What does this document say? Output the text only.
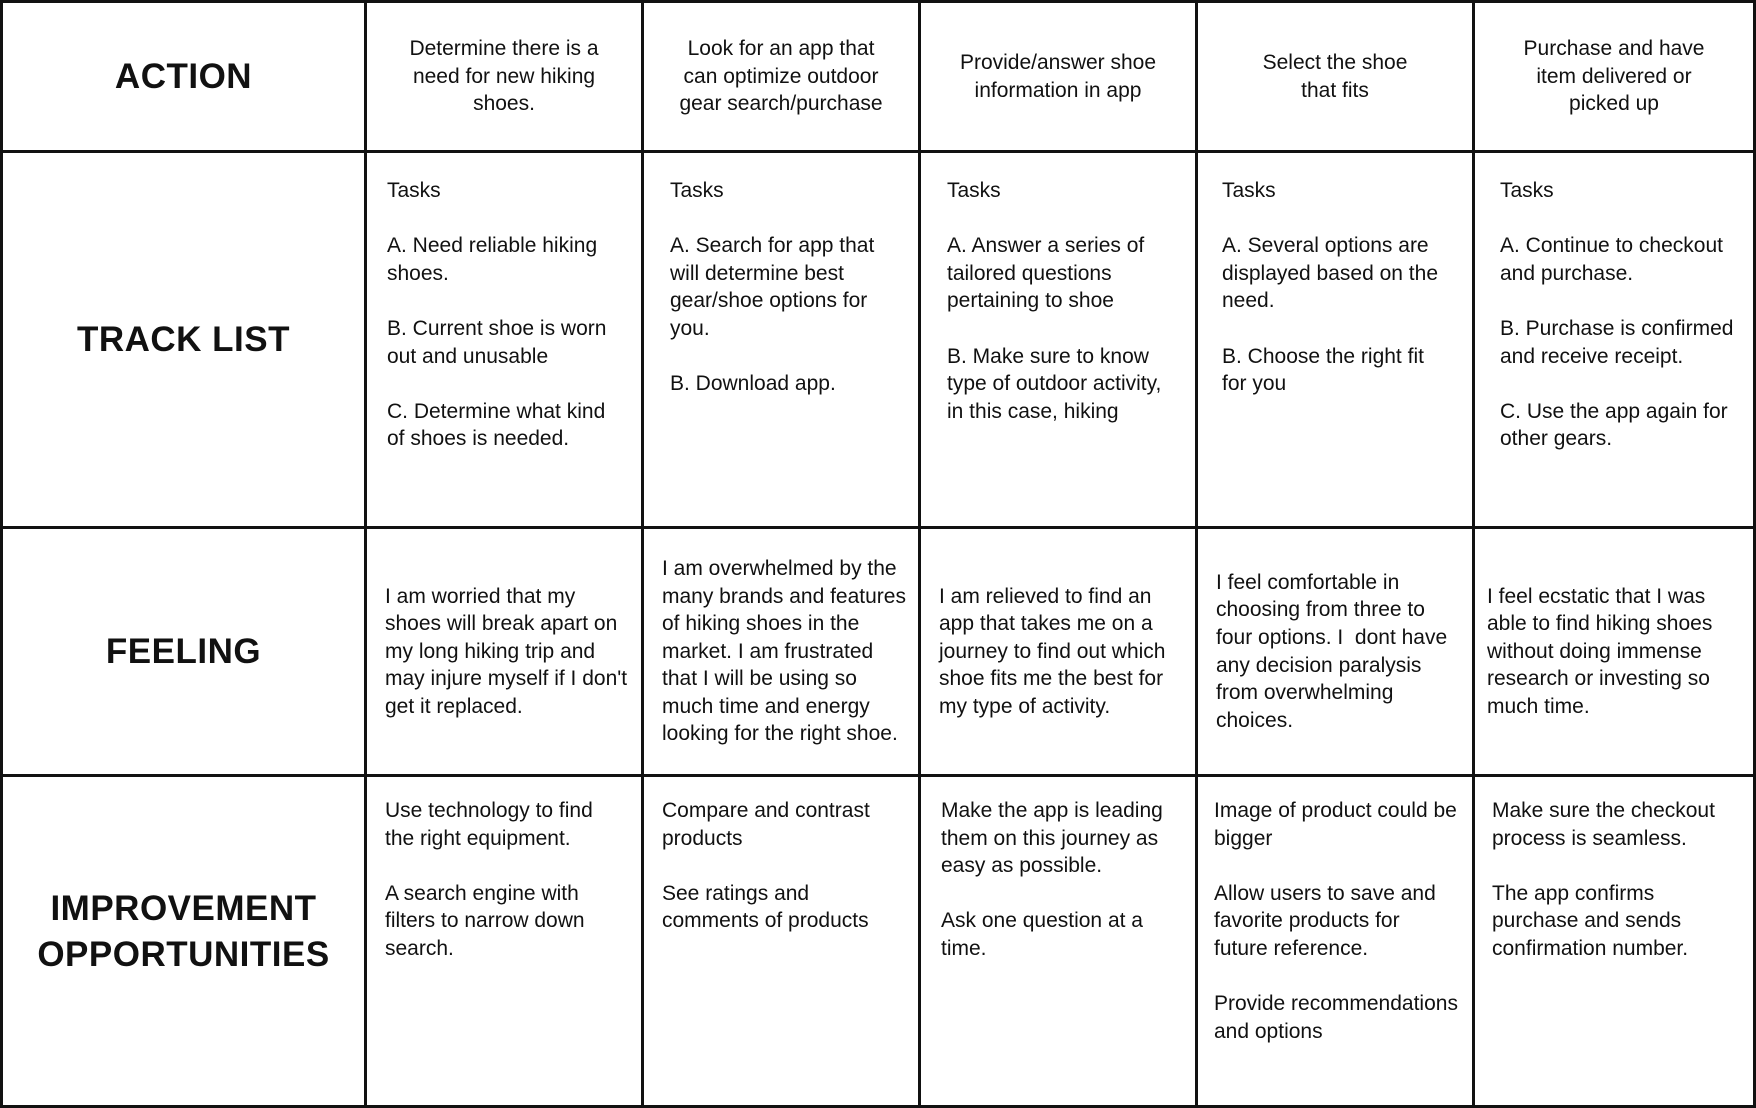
ACTION
Determine there is a need for new hiking shoes.
Look for an app that can optimize outdoor gear search/purchase
Provide/answer shoe information in app
Select the shoe that fits
Purchase and have item delivered or picked up
TRACK LIST

Tasks

A. Need reliable hiking shoes.

B. Current shoe is worn out and unusable

C. Determine what kind of shoes is needed.

Tasks

A. Search for app that will determine best gear/shoe options for you.

B. Download app.

Tasks

A. Answer a series of tailored questions pertaining to shoe

B. Make sure to know type of outdoor activity, in this case, hiking

Tasks

A. Several options are displayed based on the need.

B. Choose the right fit for you

Tasks

A. Continue to checkout and purchase.

B. Purchase is confirmed and receive receipt.

C. Use the app again for other gears.

FEELING
I am worried that my shoes will break apart on my long hiking trip and may injure myself if I don't get it replaced.
I am overwhelmed by the many brands and features of hiking shoes in the market. I am frustrated that I will be using so much time and energy looking for the right shoe.
I am relieved to find an app that takes me on a journey to find out which shoe fits me the best for my type of activity.
I feel comfortable in choosing from three to four options. I  dont have any decision paralysis from overwhelming choices.
I feel ecstatic that I was able to find hiking shoes without doing immense research or investing so much time.
IMPROVEMENT
OPPORTUNITIES

Use technology to find the right equipment.

A search engine with filters to narrow down search.

Compare and contrast products

See ratings and comments of products

Make the app is leading them on this journey as easy as possible.

Ask one question at a time.

Image of product could be bigger

Allow users to save and favorite products for future reference.

Provide recommendations and options

Make sure the checkout process is seamless.

The app confirms purchase and sends confirmation number.
